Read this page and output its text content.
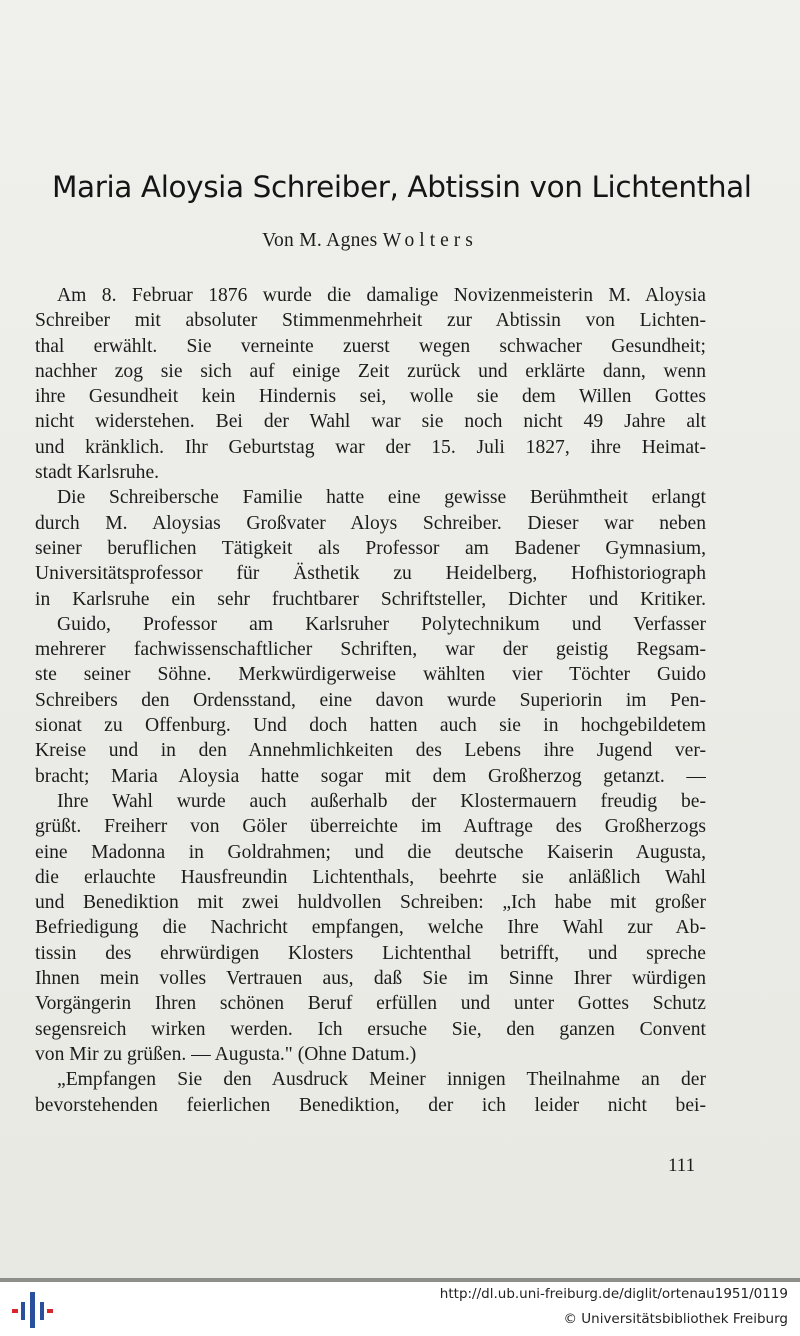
Maria Aloysia Schreiber, Abtissin von Lichtenthal
Von M. Agnes Wolters

Am 8. Februar 1876 wurde die damalige Novizenmeisterin M. Aloysia
Schreiber mit absoluter Stimmenmehrheit zur Abtissin von Lichten-
thal erwählt. Sie verneinte zuerst wegen schwacher Gesundheit;
nachher zog sie sich auf einige Zeit zurück und erklärte dann, wenn
ihre Gesundheit kein Hindernis sei, wolle sie dem Willen Gottes
nicht widerstehen. Bei der Wahl war sie noch nicht 49 Jahre alt
und kränklich. Ihr Geburtstag war der 15. Juli 1827, ihre Heimat-
stadt Karlsruhe.

Die Schreibersche Familie hatte eine gewisse Berühmtheit erlangt
durch M. Aloysias Großvater Aloys Schreiber. Dieser war neben
seiner beruflichen Tätigkeit als Professor am Badener Gymnasium,
Universitätsprofessor für Ästhetik zu Heidelberg, Hofhistoriograph
in Karlsruhe ein sehr fruchtbarer Schriftsteller, Dichter und Kritiker.

Guido, Professor am Karlsruher Polytechnikum und Verfasser
mehrerer fachwissenschaftlicher Schriften, war der geistig Regsam-
ste seiner Söhne. Merkwürdigerweise wählten vier Töchter Guido
Schreibers den Ordensstand, eine davon wurde Superiorin im Pen-
sionat zu Offenburg. Und doch hatten auch sie in hochgebildetem
Kreise und in den Annehmlichkeiten des Lebens ihre Jugend ver-
bracht; Maria Aloysia hatte sogar mit dem Großherzog getanzt. —

Ihre Wahl wurde auch außerhalb der Klostermauern freudig be-
grüßt. Freiherr von Göler überreichte im Auftrage des Großherzogs
eine Madonna in Goldrahmen; und die deutsche Kaiserin Augusta,
die erlauchte Hausfreundin Lichtenthals, beehrte sie anläßlich Wahl
und Benediktion mit zwei huldvollen Schreiben: „Ich habe mit großer
Befriedigung die Nachricht empfangen, welche Ihre Wahl zur Ab-
tissin des ehrwürdigen Klosters Lichtenthal betrifft, und spreche
Ihnen mein volles Vertrauen aus, daß Sie im Sinne Ihrer würdigen
Vorgängerin Ihren schönen Beruf erfüllen und unter Gottes Schutz
segensreich wirken werden. Ich ersuche Sie, den ganzen Convent
von Mir zu grüßen. — Augusta." (Ohne Datum.)

„Empfangen Sie den Ausdruck Meiner innigen Theilnahme an der
bevorstehenden feierlichen Benediktion, der ich leider nicht bei-

111
http://dl.ub.uni-freiburg.de/diglit/ortenau1951/0119
© Universitätsbibliothek Freiburg
